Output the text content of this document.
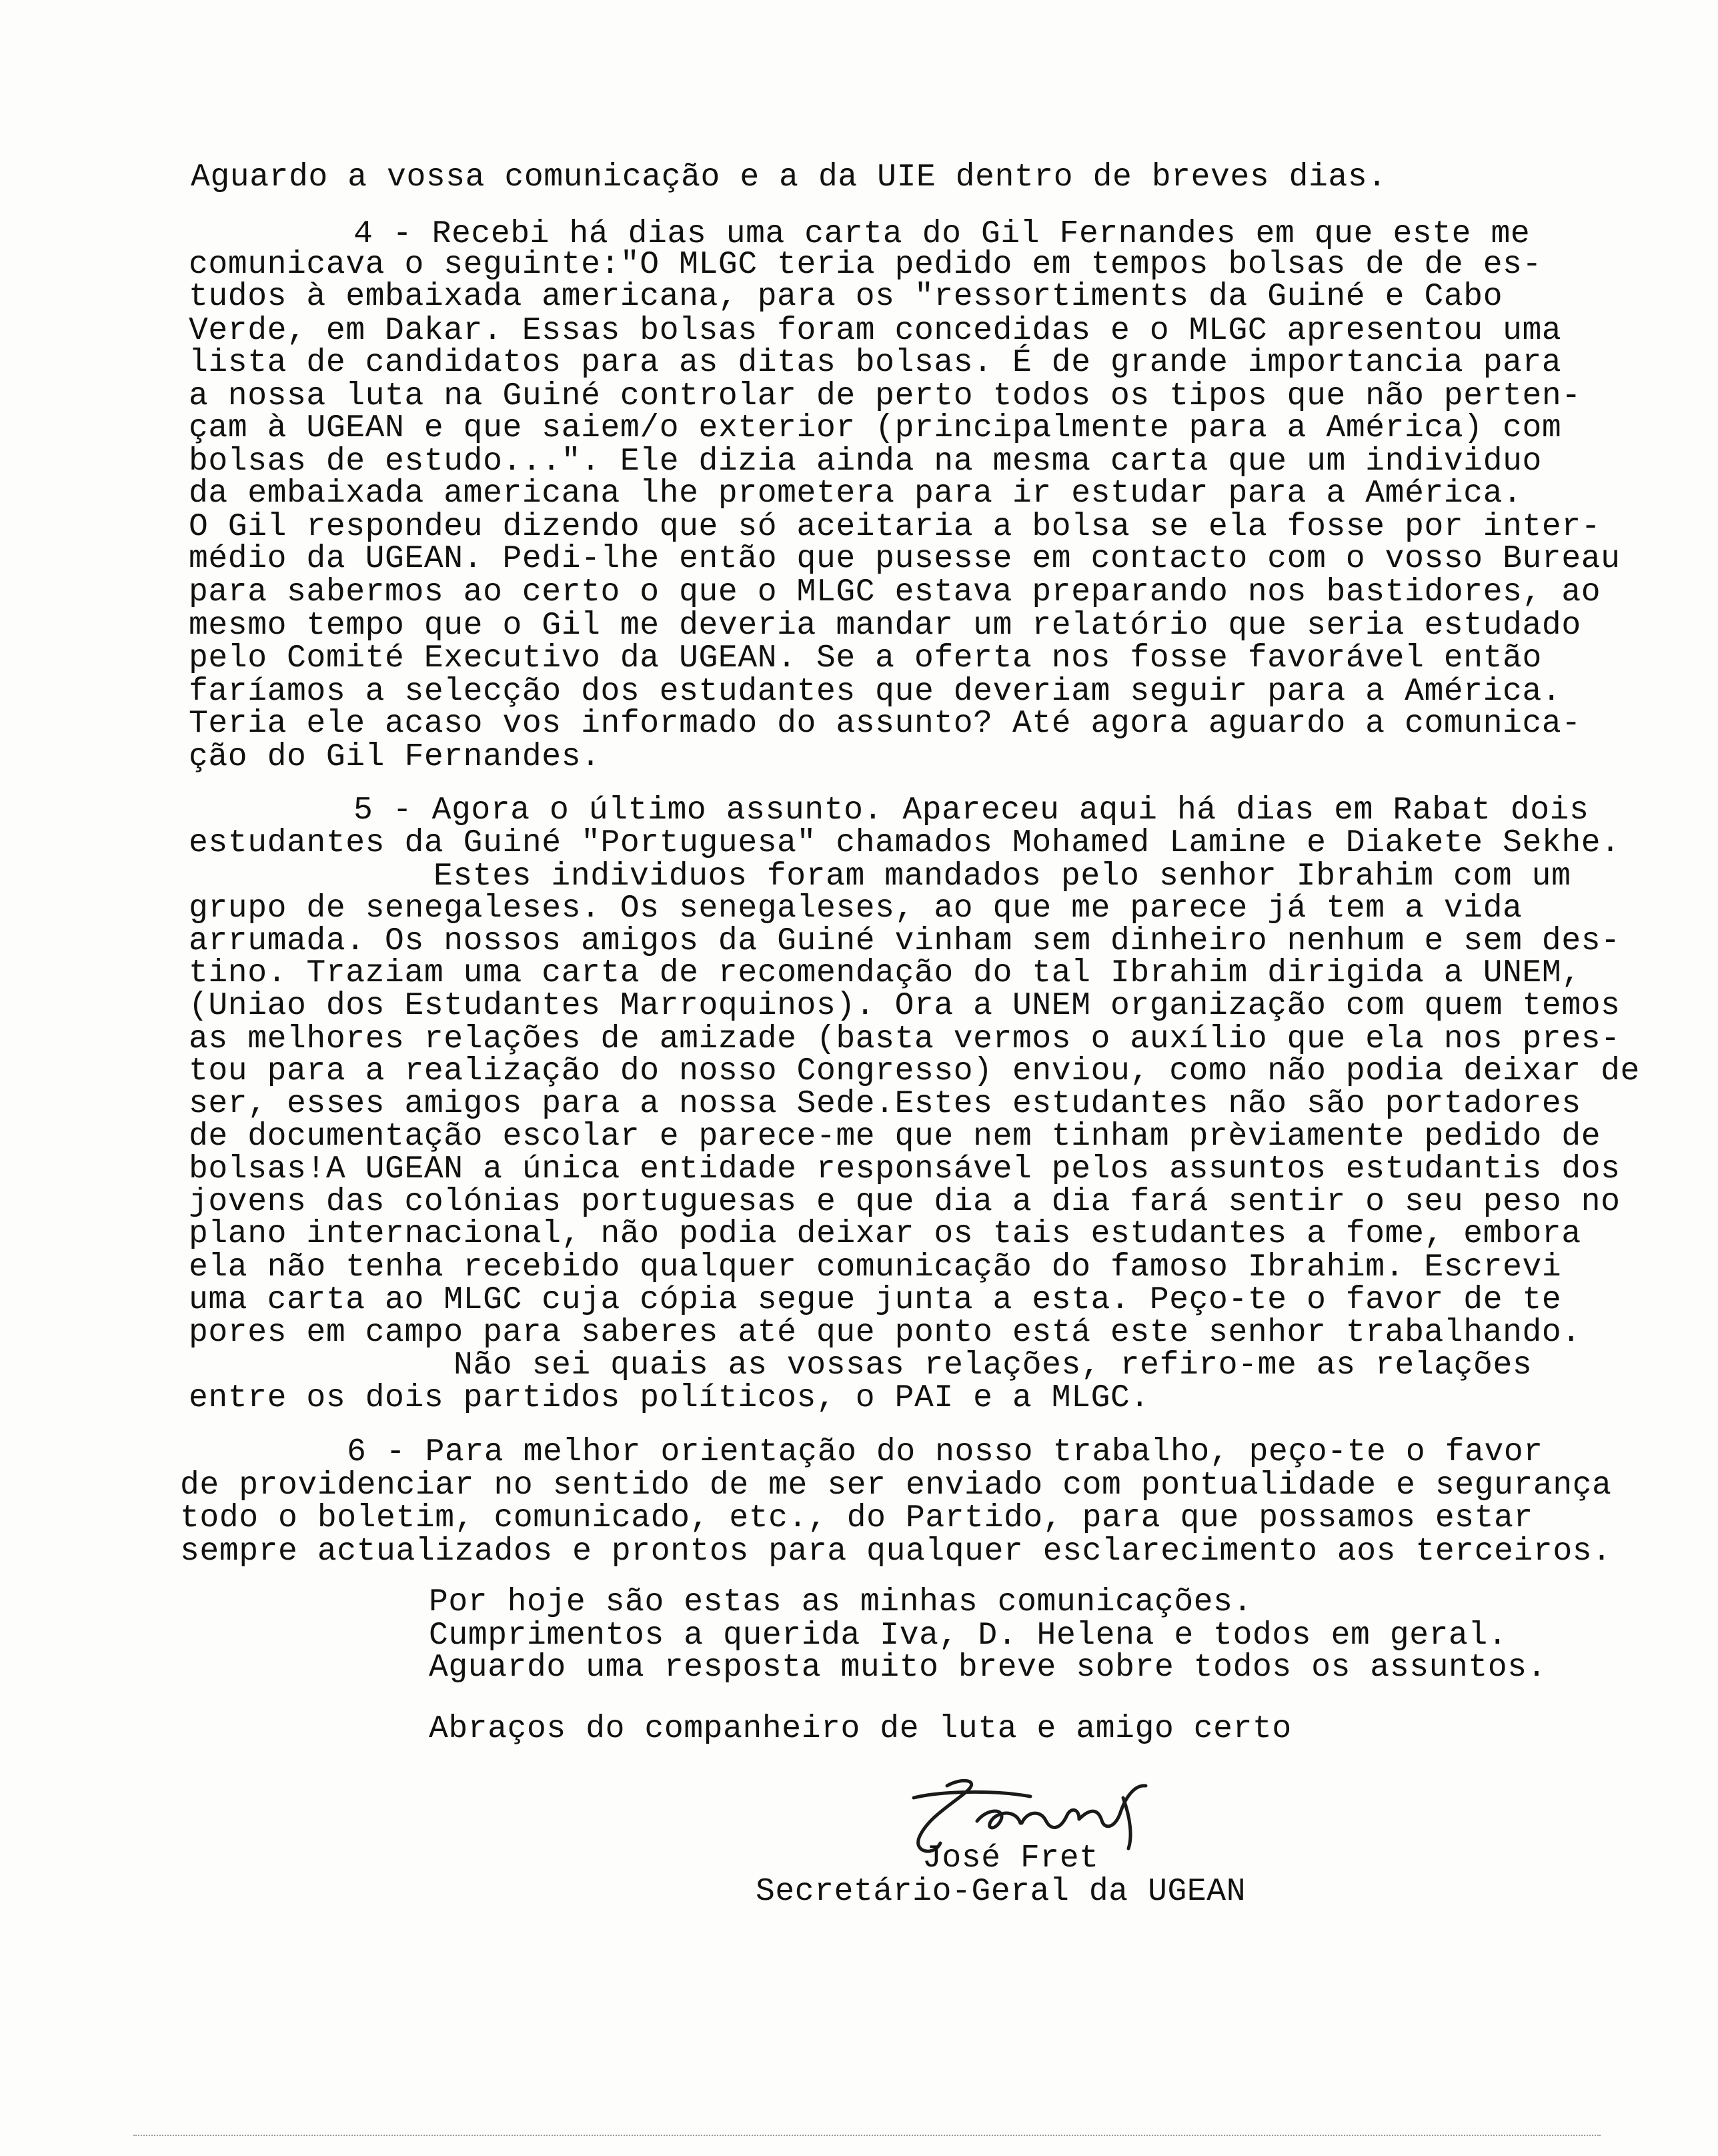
Aguardo a vossa comunicação e a da UIE dentro de breves dias.
4 - Recebi há dias uma carta do Gil Fernandes em que este me
comunicava o seguinte:"O MLGC teria pedido em tempos bolsas de de es-
tudos à embaixada americana, para os "ressortiments da Guiné e Cabo
Verde, em Dakar. Essas bolsas foram concedidas e o MLGC apresentou uma
lista de candidatos para as ditas bolsas. É de grande importancia para
a nossa luta na Guiné controlar de perto todos os tipos que não perten-
çam à UGEAN e que saiem/o exterior (principalmente para a América) com
bolsas de estudo...". Ele dizia ainda na mesma carta que um individuo
da embaixada americana lhe prometera para ir estudar para a América.
O Gil respondeu dizendo que só aceitaria a bolsa se ela fosse por inter-
médio da UGEAN. Pedi-lhe então que pusesse em contacto com o vosso Bureau
para sabermos ao certo o que o MLGC estava preparando nos bastidores, ao
mesmo tempo que o Gil me deveria mandar um relatório que seria estudado
pelo Comité Executivo da UGEAN. Se a oferta nos fosse favorável então
faríamos a selecção dos estudantes que deveriam seguir para a América.
Teria ele acaso vos informado do assunto? Até agora aguardo a comunica-
ção do Gil Fernandes.
5 - Agora o último assunto. Apareceu aqui há dias em Rabat dois
estudantes da Guiné "Portuguesa" chamados Mohamed Lamine e Diakete Sekhe.
Estes individuos foram mandados pelo senhor Ibrahim com um
grupo de senegaleses. Os senegaleses, ao que me parece já tem a vida
arrumada. Os nossos amigos da Guiné vinham sem dinheiro nenhum e sem des-
tino. Traziam uma carta de recomendação do tal Ibrahim dirigida a UNEM,
(Uniao dos Estudantes Marroquinos). Ora a UNEM organização com quem temos
as melhores relações de amizade (basta vermos o auxílio que ela nos pres-
tou para a realização do nosso Congresso) enviou, como não podia deixar de
ser, esses amigos para a nossa Sede.Estes estudantes não são portadores
de documentação escolar e parece-me que nem tinham prèviamente pedido de
bolsas!A UGEAN a única entidade responsável pelos assuntos estudantis dos
jovens das colónias portuguesas e que dia a dia fará sentir o seu peso no
plano internacional, não podia deixar os tais estudantes a fome, embora
ela não tenha recebido qualquer comunicação do famoso Ibrahim. Escrevi
uma carta ao MLGC cuja cópia segue junta a esta. Peço-te o favor de te
pores em campo para saberes até que ponto está este senhor trabalhando.
Não sei quais as vossas relações, refiro-me as relações
entre os dois partidos políticos, o PAI e a MLGC.
6 - Para melhor orientação do nosso trabalho, peço-te o favor
de providenciar no sentido de me ser enviado com pontualidade e segurança
todo o boletim, comunicado, etc., do Partido, para que possamos estar
sempre actualizados e prontos para qualquer esclarecimento aos terceiros.
Por hoje são estas as minhas comunicações.
Cumprimentos a querida Iva, D. Helena e todos em geral.
Aguardo uma resposta muito breve sobre todos os assuntos.
Abraços do companheiro de luta e amigo certo
José Fret
Secretário-Geral da UGEAN
